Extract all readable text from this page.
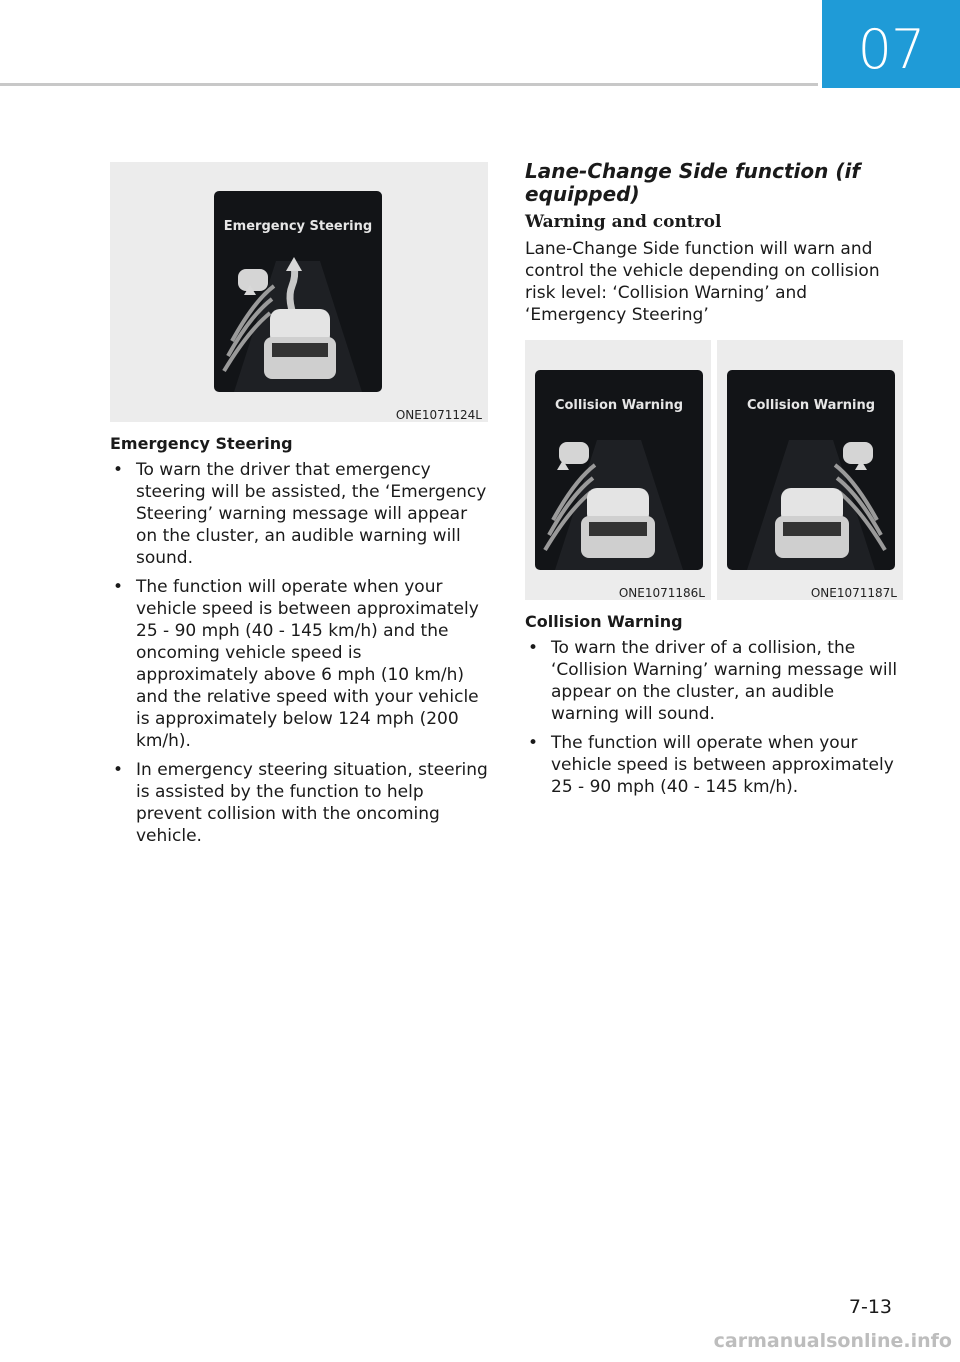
07
Emergency Steering
ONE1071124L
Emergency Steering
• To warn the driver that emergency steering will be assisted, the ‘Emergency Steering’ warning message will appear on the cluster, an audible warning will sound.
• The function will operate when your vehicle speed is between approximately 25 - 90 mph (40 - 145 km/h) and the oncoming vehicle speed is approximately above 6 mph (10 km/h) and the relative speed with your vehicle is approximately below 124 mph (200 km/h).
• In emergency steering situation, steering is assisted by the function to help prevent collision with the oncoming vehicle.
Lane-Change Side function (if equipped)
Warning and control
Lane-Change Side function will warn and control the vehicle depending on collision risk level: ‘Collision Warning’ and ‘Emergency Steering’
Collision Warning
ONE1071186L
Collision Warning
ONE1071187L
Collision Warning
• To warn the driver of a collision, the ‘Collision Warning’ warning message will appear on the cluster, an audible warning will sound.
• The function will operate when your vehicle speed is between approximately 25 - 90 mph (40 - 145 km/h).
7-13
carmanualsonline.info
